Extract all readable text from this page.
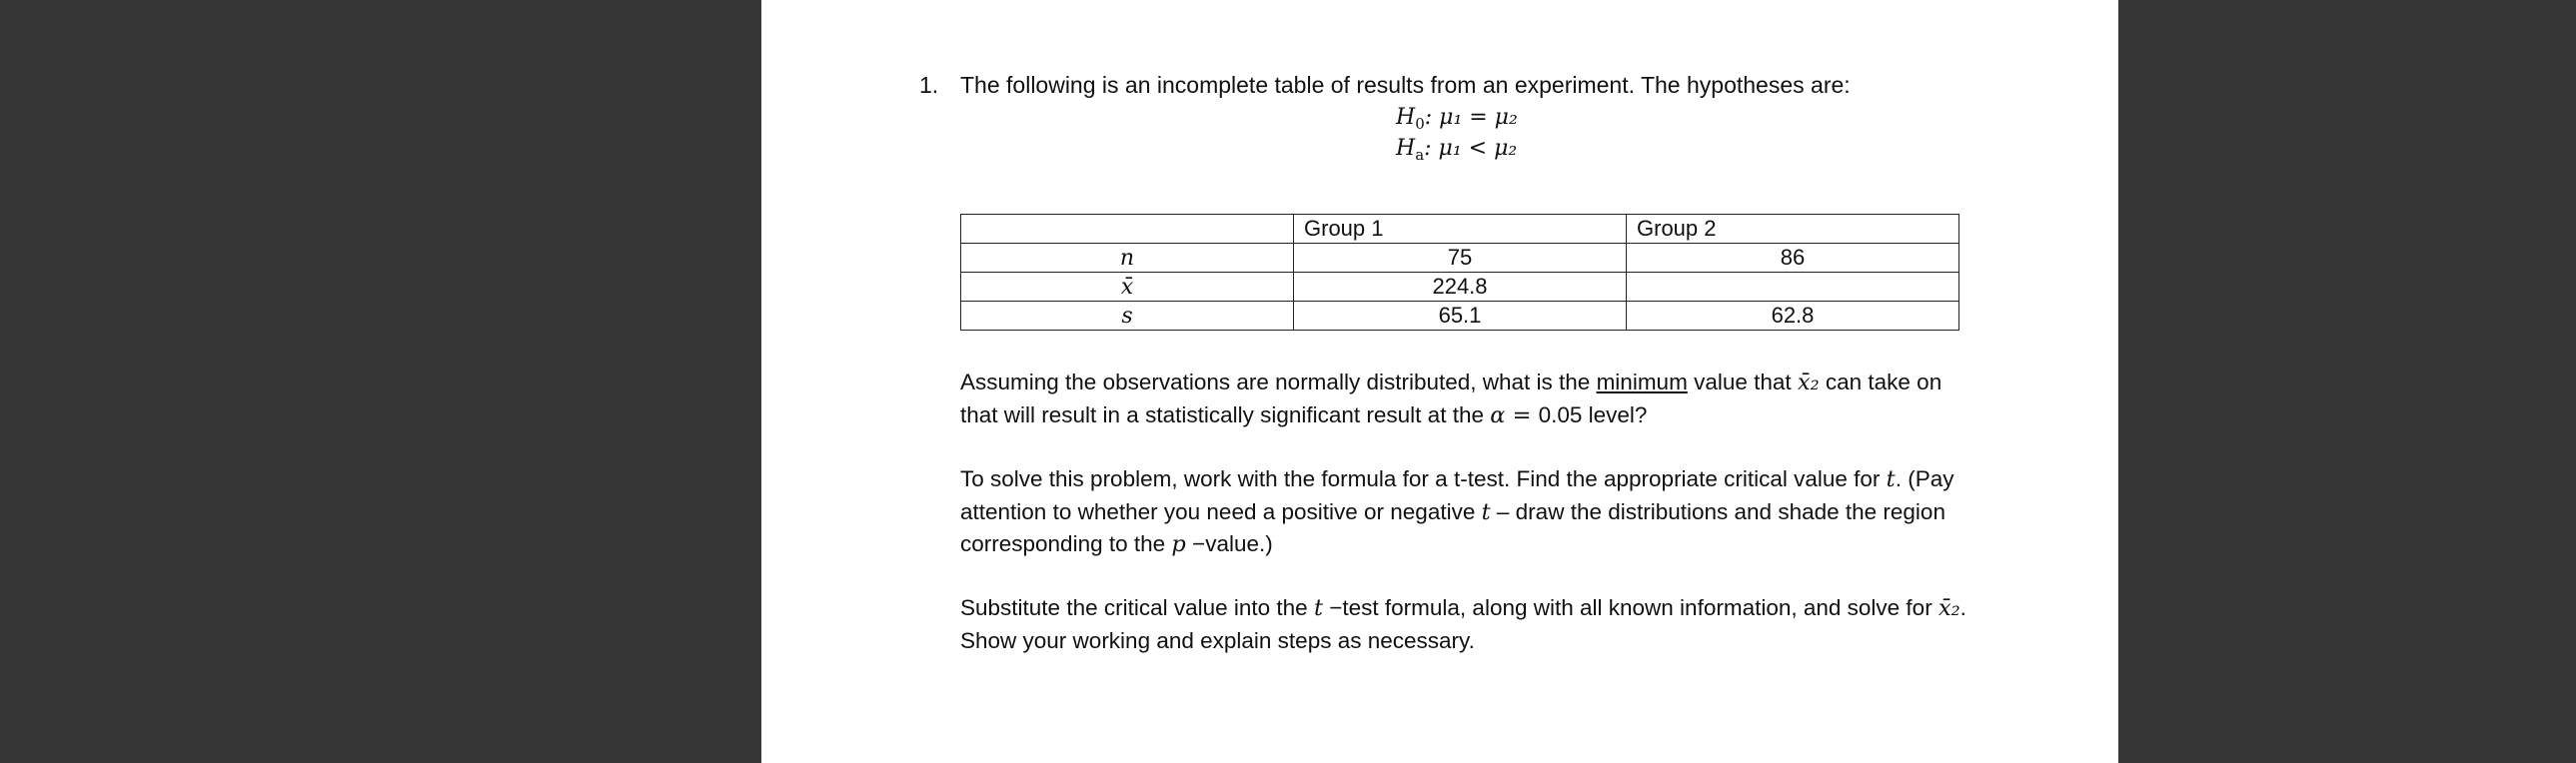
1. The following is an incomplete table of results from an experiment. The hypotheses are:
$H_0$: μ₁ = μ₂
$H_a$: μ₁ < μ₂
	Group 1	Group 2
n	75	86
x̄	224.8	
s	65.1	62.8

Assuming the observations are normally distributed, what is the minimum value that x̄₂ can take on that will result in a statistically significant result at the α = 0.05 level?

To solve this problem, work with the formula for a t-test. Find the appropriate critical value for t. (Pay attention to whether you need a positive or negative t – draw the distributions and shade the region corresponding to the p −value.)

Substitute the critical value into the t −test formula, along with all known information, and solve for x̄₂. Show your working and explain steps as necessary.
